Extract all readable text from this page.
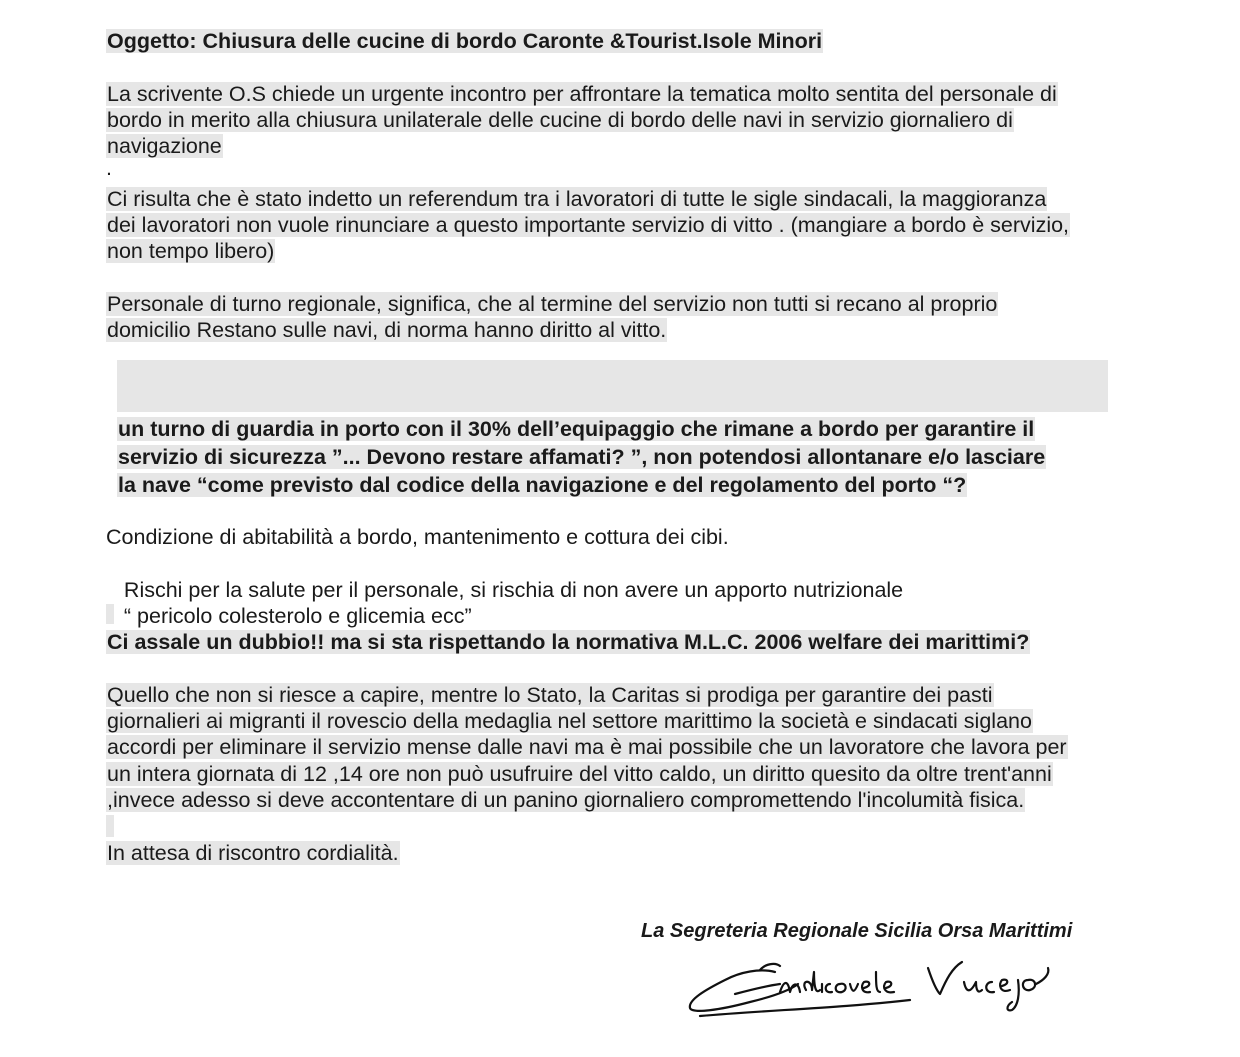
Oggetto: Chiusura delle cucine di bordo Caronte &Tourist.Isole Minori
La scrivente O.S chiede un urgente incontro per affrontare la tematica molto sentita del personale di
bordo in merito alla chiusura unilaterale delle cucine di bordo delle navi in servizio giornaliero di
navigazione
.
Ci risulta che è stato indetto un referendum tra i lavoratori di tutte le sigle sindacali, la maggioranza
dei lavoratori non vuole rinunciare a questo importante servizio di vitto . (mangiare a bordo è servizio,
non tempo libero)
Personale di turno regionale, significa, che al termine del servizio non tutti si recano al proprio
domicilio Restano sulle navi, di norma hanno diritto al vitto.
un turno di guardia in porto con il 30% dell’equipaggio che rimane a bordo per garantire il
servizio di sicurezza ”... Devono restare affamati? ”, non potendosi allontanare e/o lasciare
la nave “come previsto dal codice della navigazione e del regolamento del porto “?
Condizione di abitabilità a bordo, mantenimento e cottura dei cibi.

Rischi per la salute per il personale, si rischia di non avere un apporto nutrizionale

“ pericolo colesterolo e glicemia ecc”

Ci assale un dubbio!! ma si sta rispettando la normativa M.L.C. 2006 welfare dei marittimi?
Quello che non si riesce a capire, mentre lo Stato, la Caritas si prodiga per garantire dei pasti
giornalieri ai migranti il rovescio della medaglia nel settore marittimo la società e sindacati siglano
accordi per eliminare il servizio mense dalle navi ma è mai possibile che un lavoratore che lavora per
un intera giornata di 12 ,14 ore non può usufruire del vitto caldo, un diritto quesito da oltre trent'anni
,invece adesso si deve accontentare di un panino giornaliero compromettendo l'incolumità fisica.
In attesa di riscontro cordialità.
La Segreteria Regionale Sicilia Orsa Marittimi
